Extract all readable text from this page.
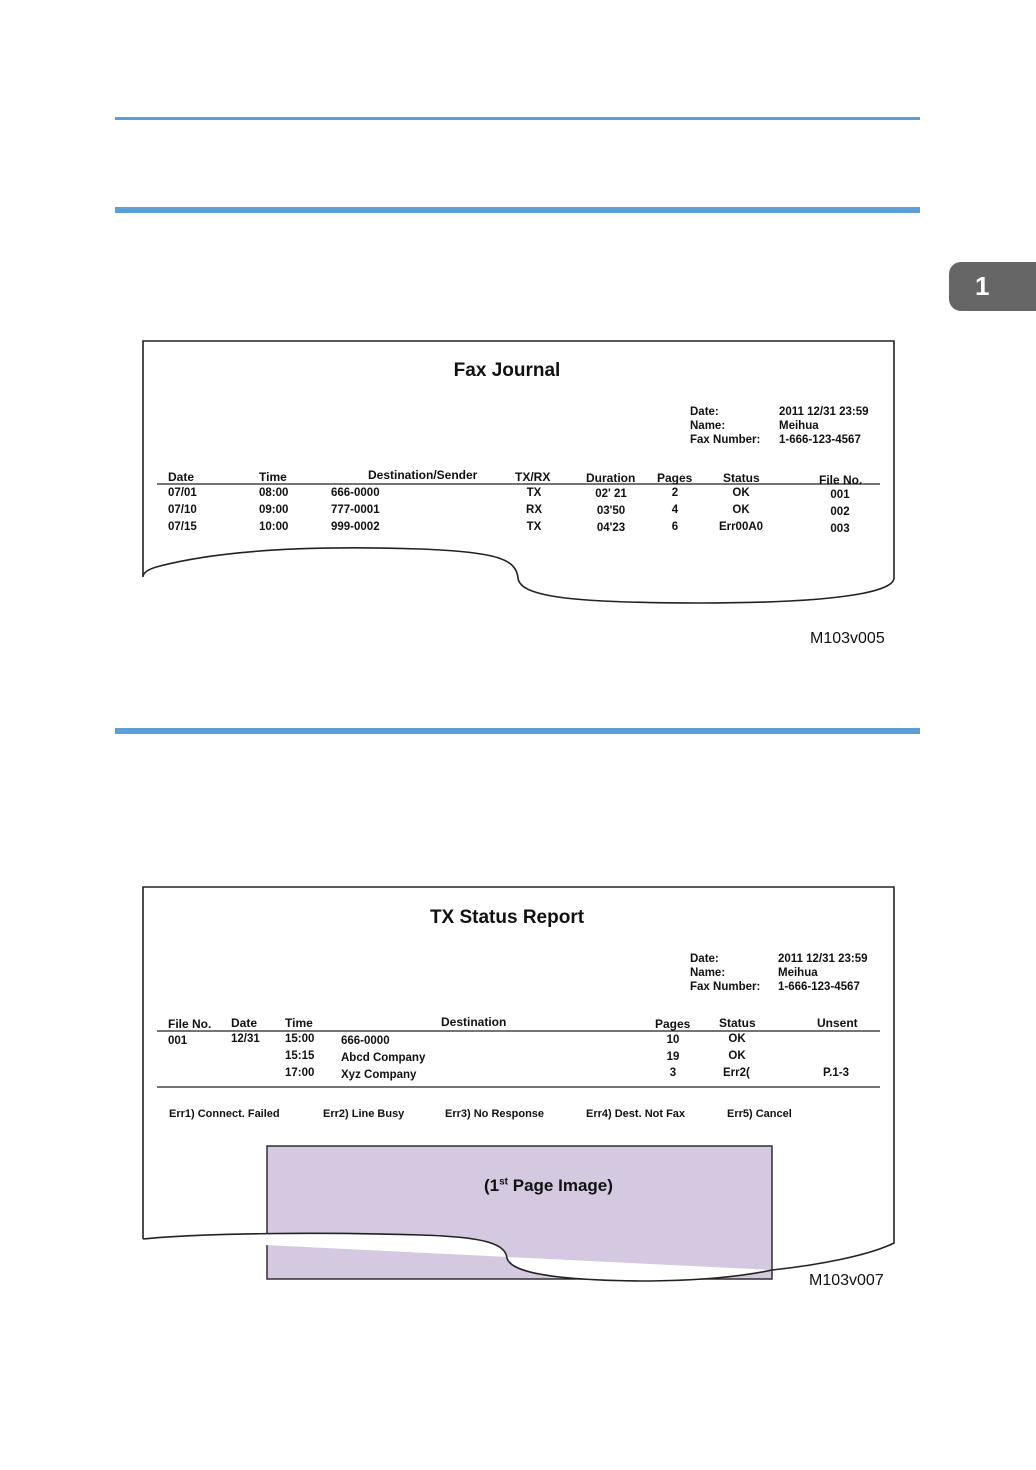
1
Fax Journal
Date:	2011 12/31 23:59
Name:	Meihua
Fax Number: 1-666-123-4567
Date	Time	Destination/Sender	TX/RX	Duration Pages	Status	File No.
07/01	08:00	666-0000	TX	02' 21	2	OK	001
07/10	09:00	777-0001	RX	03'50	4	OK	002
07/15	10:00	999-0002	TX	04'23	6	Err00A0	003
M103v005
TX Status Report
Date:	2011 12/31 23:59
Name:	Meihua
Fax Number: 1-666-123-4567
File No. Date Time	Destination	Pages Status	Unsent
001	12/31 15:00 666-0000	10	OK
15:15 Abcd Company	19	OK
17:00 Xyz Company	3	Err2(	P.1-3
Err1) Connect. Failed	Err2) Line Busy	Err3) No Response	Err4) Dest. Not Fax	Err5) Cancel
(1st Page Image)
M103v007
